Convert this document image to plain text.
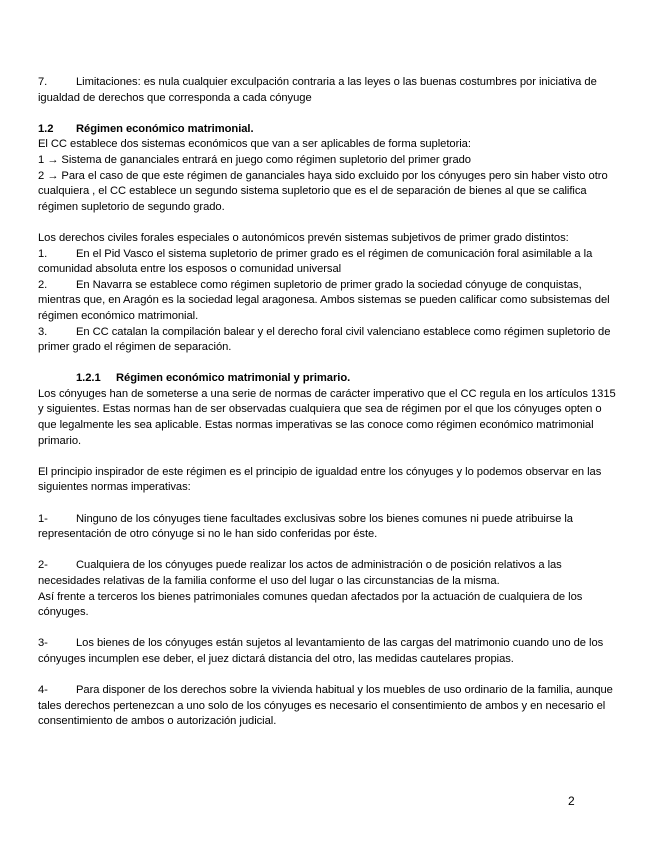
7.	Limitaciones: es nula cualquier exculpación contraria a las leyes o las buenas costumbres por iniciativa de igualdad de derechos que corresponda a cada cónyuge

1.2 Régimen económico matrimonial.

El CC establece dos sistemas económicos que van a ser aplicables de forma supletoria:

1 → Sistema de gananciales entrará en juego como régimen supletorio del primer grado

2 → Para el caso de que este régimen de gananciales haya sido excluido por los cónyuges pero sin haber visto otro cualquiera , el CC establece un segundo sistema supletorio que es el de separación de bienes al que se califica régimen supletorio de segundo grado.

Los derechos civiles forales especiales o autonómicos prevén sistemas subjetivos de primer grado distintos:

1.	En el Pid Vasco el sistema supletorio de primer grado es el régimen de comunicación foral asimilable a la comunidad absoluta entre los esposos o comunidad universal

2.	En Navarra se establece como régimen supletorio de primer grado la sociedad cónyuge de conquistas, mientras que, en Aragón es la sociedad legal aragonesa. Ambos sistemas se pueden calificar como subsistemas del régimen económico matrimonial.

3.	En CC catalan la compilación balear y el derecho foral civil valenciano establece como régimen supletorio de primer grado el régimen de separación.

1.2.1 Régimen económico matrimonial y primario.

Los cónyuges han de someterse a una serie de normas de carácter imperativo que el CC regula en los artículos 1315 y siguientes. Estas normas han de ser observadas cualquiera que sea de régimen por el que los cónyuges opten o que legalmente les sea aplicable. Estas normas imperativas se las conoce como régimen económico matrimonial primario.

El principio inspirador de este régimen es el principio de igualdad entre los cónyuges y lo podemos observar en las siguientes normas imperativas:

1-	Ninguno de los cónyuges tiene facultades exclusivas sobre los bienes comunes ni puede atribuirse la representación de otro cónyuge si no le han sido conferidas por éste.

2-	Cualquiera de los cónyuges puede realizar los actos de administración o de posición relativos a las necesidades relativas de la familia conforme el uso del lugar o las circunstancias de la misma.

Así frente a terceros los bienes patrimoniales comunes quedan afectados por la actuación de cualquiera de los cónyuges.

3-	Los bienes de los cónyuges están sujetos al levantamiento de las cargas del matrimonio cuando uno de los cónyuges incumplen ese deber, el juez dictará distancia del otro, las medidas cautelares propias.

4-	Para disponer de los derechos sobre la vivienda habitual y los muebles de uso ordinario de la familia, aunque tales derechos pertenezcan a uno solo de los cónyuges es necesario el consentimiento de ambos y en necesario el consentimiento de ambos o autorización judicial.

2
